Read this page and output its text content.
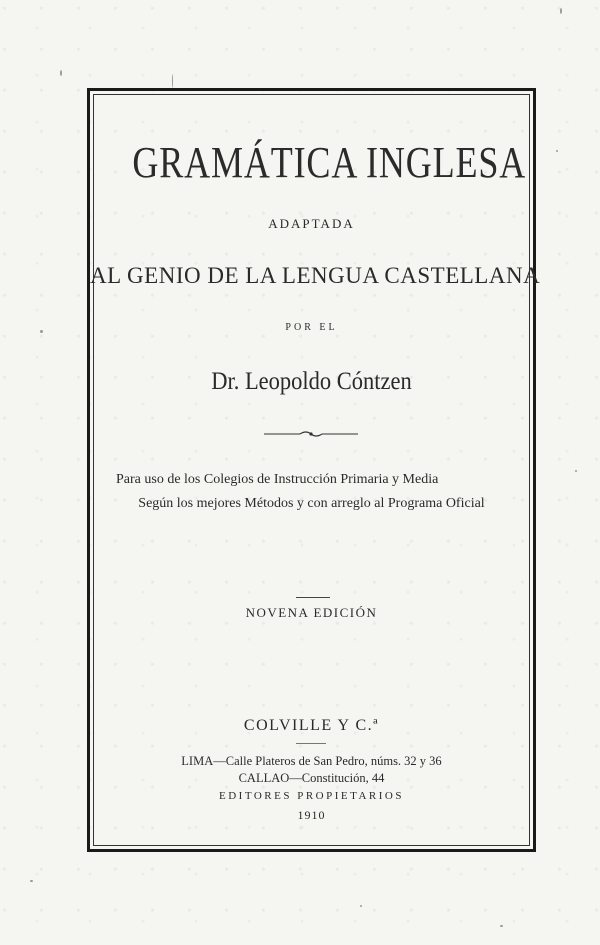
GRAMÁTICA INGLESA
ADAPTADA
AL GENIO DE LA LENGUA CASTELLANA
POR EL
Dr. Leopoldo Cóntzen
Para uso de los Colegios de Instrucción Primaria y Media
Según los mejores Métodos y con arreglo al Programa Oficial
NOVENA EDICIÓN
COLVILLE Y C.ª
LIMA—Calle Plateros de San Pedro, núms. 32 y 36
CALLAO—Constitución, 44
EDITORES PROPIETARIOS
1910
